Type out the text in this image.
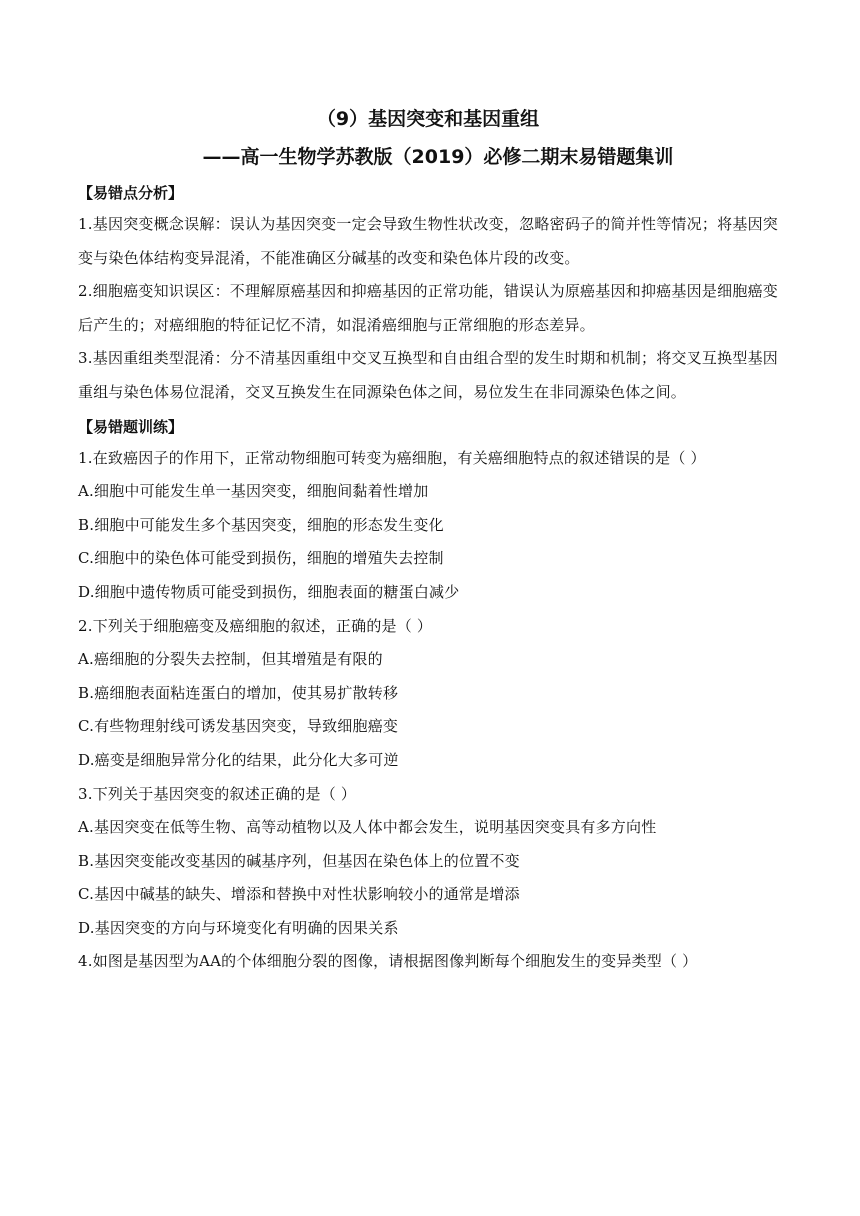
（9）基因突变和基因重组
——高一生物学苏教版（2019）必修二期末易错题集训
【易错点分析】

1.基因突变概念误解：误认为基因突变一定会导致生物性状改变，忽略密码子的简并性等情况；将基因突变与染色体结构变异混淆，不能准确区分碱基的改变和染色体片段的改变。

2.细胞癌变知识误区：不理解原癌基因和抑癌基因的正常功能，错误认为原癌基因和抑癌基因是细胞癌变后产生的；对癌细胞的特征记忆不清，如混淆癌细胞与正常细胞的形态差异。

3.基因重组类型混淆：分不清基因重组中交叉互换型和自由组合型的发生时期和机制；将交叉互换型基因重组与染色体易位混淆，交叉互换发生在同源染色体之间，易位发生在非同源染色体之间。

【易错题训练】

1.在致癌因子的作用下，正常动物细胞可转变为癌细胞，有关癌细胞特点的叙述错误的是（ ）

A.细胞中可能发生单一基因突变，细胞间黏着性增加

B.细胞中可能发生多个基因突变，细胞的形态发生变化

C.细胞中的染色体可能受到损伤，细胞的增殖失去控制

D.细胞中遗传物质可能受到损伤，细胞表面的糖蛋白减少

2.下列关于细胞癌变及癌细胞的叙述，正确的是（ ）

A.癌细胞的分裂失去控制，但其增殖是有限的

B.癌细胞表面粘连蛋白的增加，使其易扩散转移

C.有些物理射线可诱发基因突变，导致细胞癌变

D.癌变是细胞异常分化的结果，此分化大多可逆

3.下列关于基因突变的叙述正确的是（ ）

A.基因突变在低等生物、高等动植物以及人体中都会发生，说明基因突变具有多方向性

B.基因突变能改变基因的碱基序列，但基因在染色体上的位置不变

C.基因中碱基的缺失、增添和替换中对性状影响较小的通常是增添

D.基因突变的方向与环境变化有明确的因果关系

4.如图是基因型为AA的个体细胞分裂的图像，请根据图像判断每个细胞发生的变异类型（ ）
